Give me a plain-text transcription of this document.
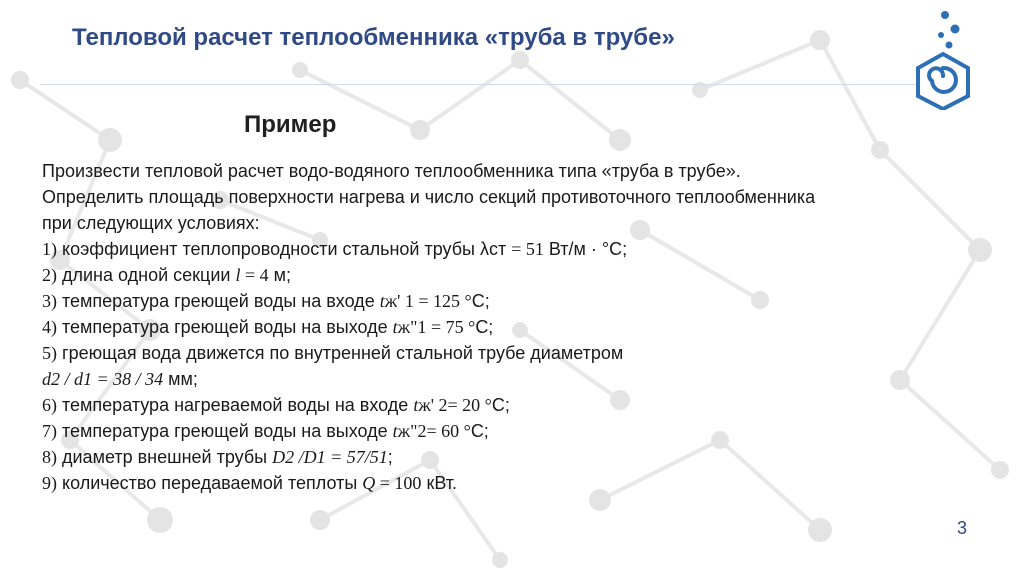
Тепловой расчет теплообменника «труба в трубе»
Пример

Произвести тепловой расчет водо-водяного теплообменника типа «труба в трубе».

Определить площадь поверхности нагрева и число секций противоточного теплообменника

при следующих условиях:

1) коэффициент теплопроводности стальной трубы λст = 51 Вт/м · °С;

2) длина одной секции l = 4 м;

3) температура греющей воды на входе tж' 1 = 125 °С;

4) температура греющей воды на выходе tж"1 = 75 °С;

5) греющая вода движется по внутренней стальной трубе диаметром

d2 / d1 = 38 / 34 мм;

6) температура нагреваемой воды на входе tж' 2= 20 °С;

7) температура греющей воды на выходе tж"2= 60 °С;

8) диаметр внешней трубы D2 /D1 = 57/51;

9) количество передаваемой теплоты Q = 100 кВт.

3
